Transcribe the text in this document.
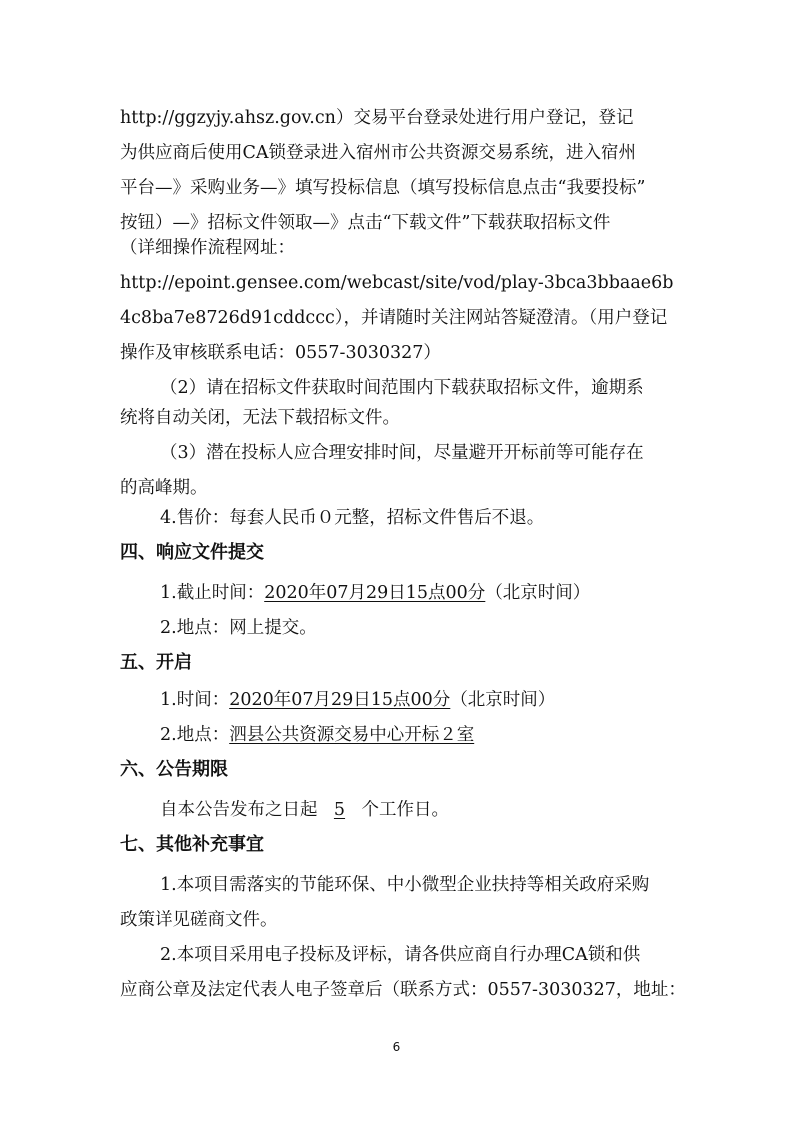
http://ggzyjy.ahsz.gov.cn）交易平台登录处进行用户登记，登记
为供应商后使用CA锁登录进入宿州市公共资源交易系统，进入宿州
平台—》采购业务—》填写投标信息（填写投标信息点击“我要投标”
按钮）—》招标文件领取—》点击“下载文件”下载获取招标文件
（详细操作流程网址：
http://epoint.gensee.com/webcast/site/vod/play-3bca3bbaae6b
4c8ba7e8726d91cddccc），并请随时关注网站答疑澄清。（用户登记
操作及审核联系电话：0557-3030327）
（2）请在招标文件获取时间范围内下载获取招标文件，逾期系
统将自动关闭，无法下载招标文件。
（3）潜在投标人应合理安排时间，尽量避开开标前等可能存在
的高峰期。
4.售价：每套人民币０元整，招标文件售后不退。
四、响应文件提交
1.截止时间：2020年07月29日15点00分（北京时间）
2.地点：网上提交。
五、开启
1.时间：2020年07月29日15点00分（北京时间）
2.地点：泗县公共资源交易中心开标２室
六、公告期限
自本公告发布之日起 5 个工作日。
七、其他补充事宜
1.本项目需落实的节能环保、中小微型企业扶持等相关政府采购
政策详见磋商文件。
2.本项目采用电子投标及评标，请各供应商自行办理CA锁和供
应商公章及法定代表人电子签章后（联系方式：0557-3030327，地址：
6
